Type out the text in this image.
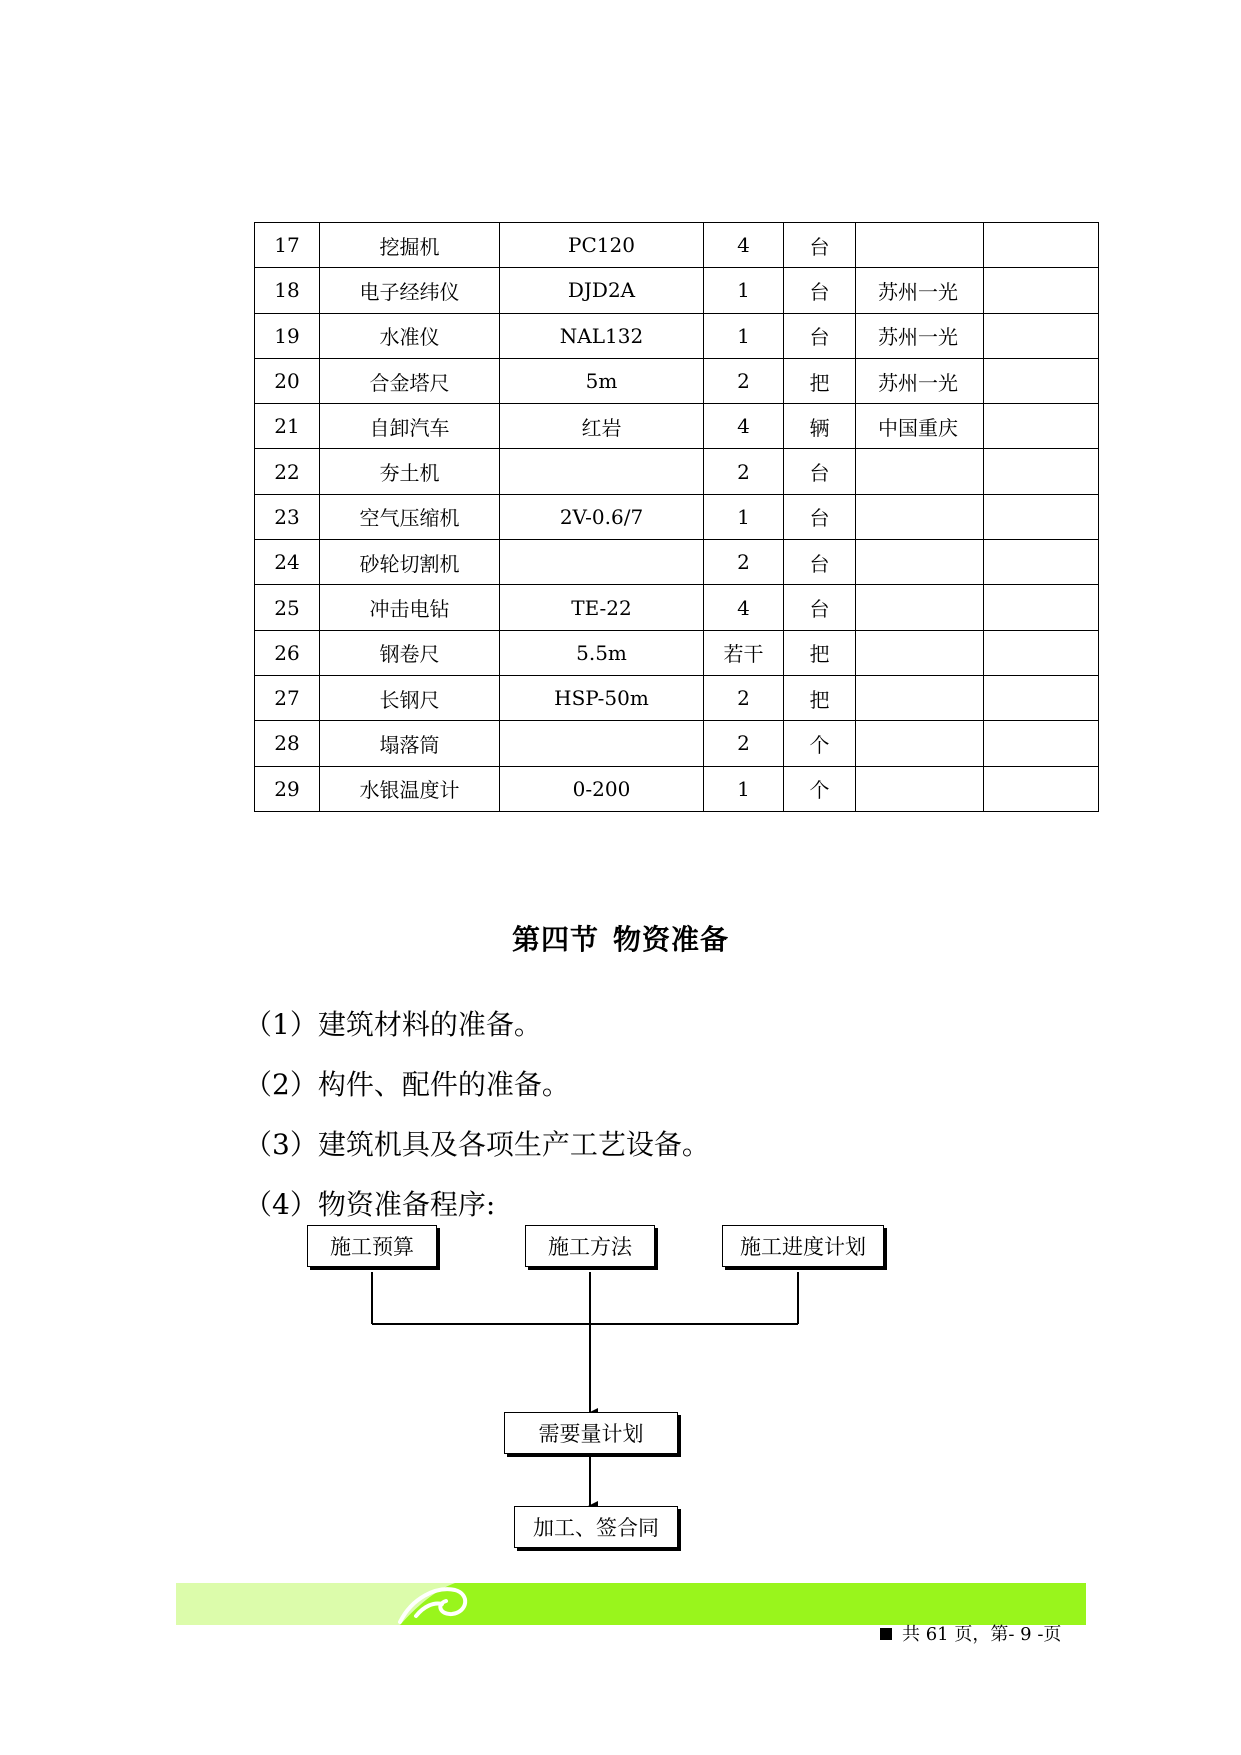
17	挖掘机	PC120	4	台		
18	电子经纬仪	DJD2A	1	台	苏州一光	
19	水准仪	NAL132	1	台	苏州一光	
20	合金塔尺	5m	2	把	苏州一光	
21	自卸汽车	红岩	4	辆	中国重庆	
22	夯土机		2	台		
23	空气压缩机	2V-0.6/7	1	台		
24	砂轮切割机		2	台		
25	冲击电钻	TE-22	4	台		
26	钢卷尺	5.5m	若干	把		
27	长钢尺	HSP-50m	2	把		
28	塌落筒		2	个		
29	水银温度计	0-200	1	个		
第四节 物资准备
（1）建筑材料的准备。
（2）构件、配件的准备。
（3）建筑机具及各项生产工艺设备。
（4）物资准备程序:
施工预算	施工方法	施工进度计划
需要量计划
加工、签合同
共 61 页，第- 9 -页
